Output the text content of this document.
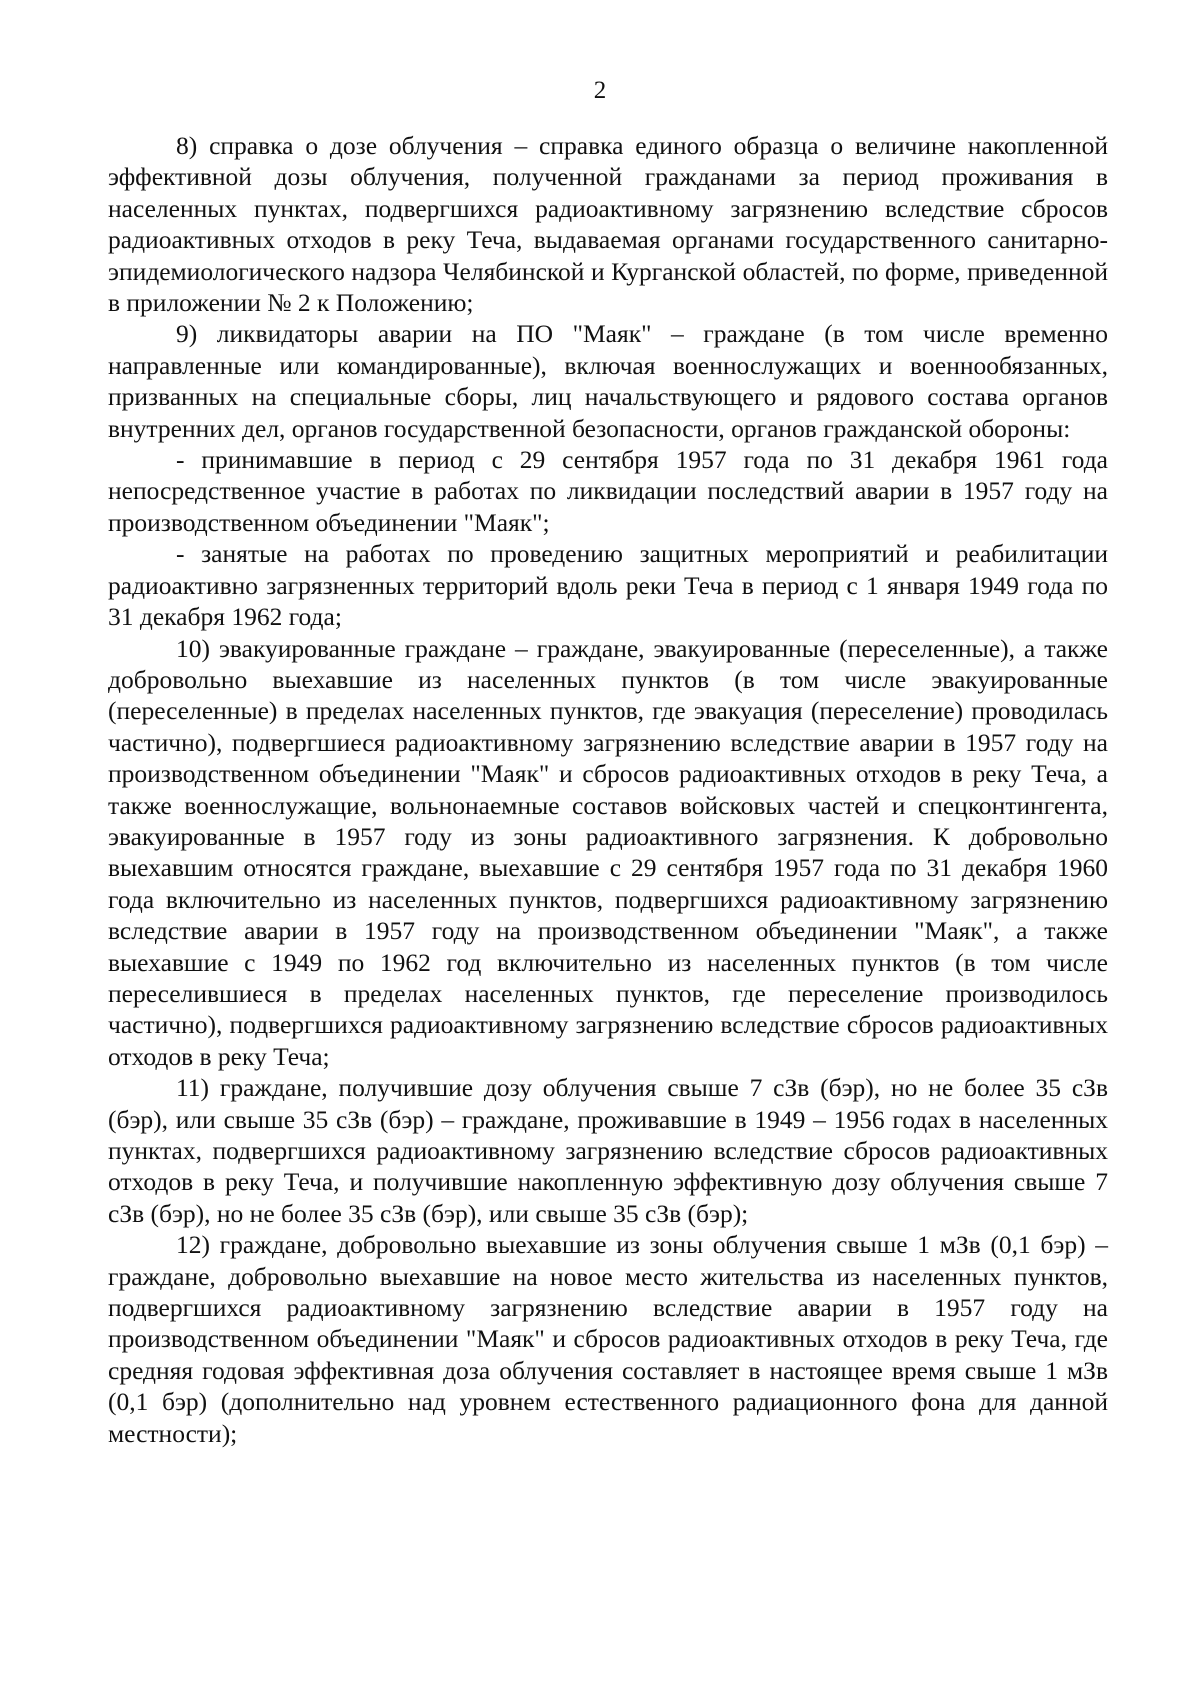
2

8) справка о дозе облучения – справка единого образца о величине накопленной эффективной дозы облучения, полученной гражданами за период проживания в населенных пунктах, подвергшихся радиоактивному загрязнению вследствие сбросов радиоактивных отходов в реку Теча, выдаваемая органами государственного санитарно-эпидемиологического надзора Челябинской и Курганской областей, по форме, приведенной в приложении № 2 к Положению;

9) ликвидаторы аварии на ПО "Маяк" – граждане (в том числе временно направленные или командированные), включая военнослужащих и военнообязанных, призванных на специальные сборы, лиц начальствующего и рядового состава органов внутренних дел, органов государственной безопасности, органов гражданской обороны:

- принимавшие в период с 29 сентября 1957 года по 31 декабря 1961 года непосредственное участие в работах по ликвидации последствий аварии в 1957 году на производственном объединении "Маяк";

- занятые на работах по проведению защитных мероприятий и реабилитации радиоактивно загрязненных территорий вдоль реки Теча в период с 1 января 1949 года по 31 декабря 1962 года;

10) эвакуированные граждане – граждане, эвакуированные (переселенные), а также добровольно выехавшие из населенных пунктов (в том числе эвакуированные (переселенные) в пределах населенных пунктов, где эвакуация (переселение) проводилась частично), подвергшиеся радиоактивному загрязнению вследствие аварии в 1957 году на производственном объединении "Маяк" и сбросов радиоактивных отходов в реку Теча, а также военнослужащие, вольнонаемные составов войсковых частей и спецконтингента, эвакуированные в 1957 году из зоны радиоактивного загрязнения. К добровольно выехавшим относятся граждане, выехавшие с 29 сентября 1957 года по 31 декабря 1960 года включительно из населенных пунктов, подвергшихся радиоактивному загрязнению вследствие аварии в 1957 году на производственном объединении "Маяк", а также выехавшие с 1949 по 1962 год включительно из населенных пунктов (в том числе переселившиеся в пределах населенных пунктов, где переселение производилось частично), подвергшихся радиоактивному загрязнению вследствие сбросов радиоактивных отходов в реку Теча;

11) граждане, получившие дозу облучения свыше 7 сЗв (бэр), но не более 35 сЗв (бэр), или свыше 35 сЗв (бэр) – граждане, проживавшие в 1949 – 1956 годах в населенных пунктах, подвергшихся радиоактивному загрязнению вследствие сбросов радиоактивных отходов в реку Теча, и получившие накопленную эффективную дозу облучения свыше 7 сЗв (бэр), но не более 35 сЗв (бэр), или свыше 35 сЗв (бэр);

12) граждане, добровольно выехавшие из зоны облучения свыше 1 мЗв (0,1 бэр) – граждане, добровольно выехавшие на новое место жительства из населенных пунктов, подвергшихся радиоактивному загрязнению вследствие аварии в 1957 году на производственном объединении "Маяк" и сбросов радиоактивных отходов в реку Теча, где средняя годовая эффективная доза облучения составляет в настоящее время свыше 1 мЗв (0,1 бэр) (дополнительно над уровнем естественного радиационного фона для данной местности);
